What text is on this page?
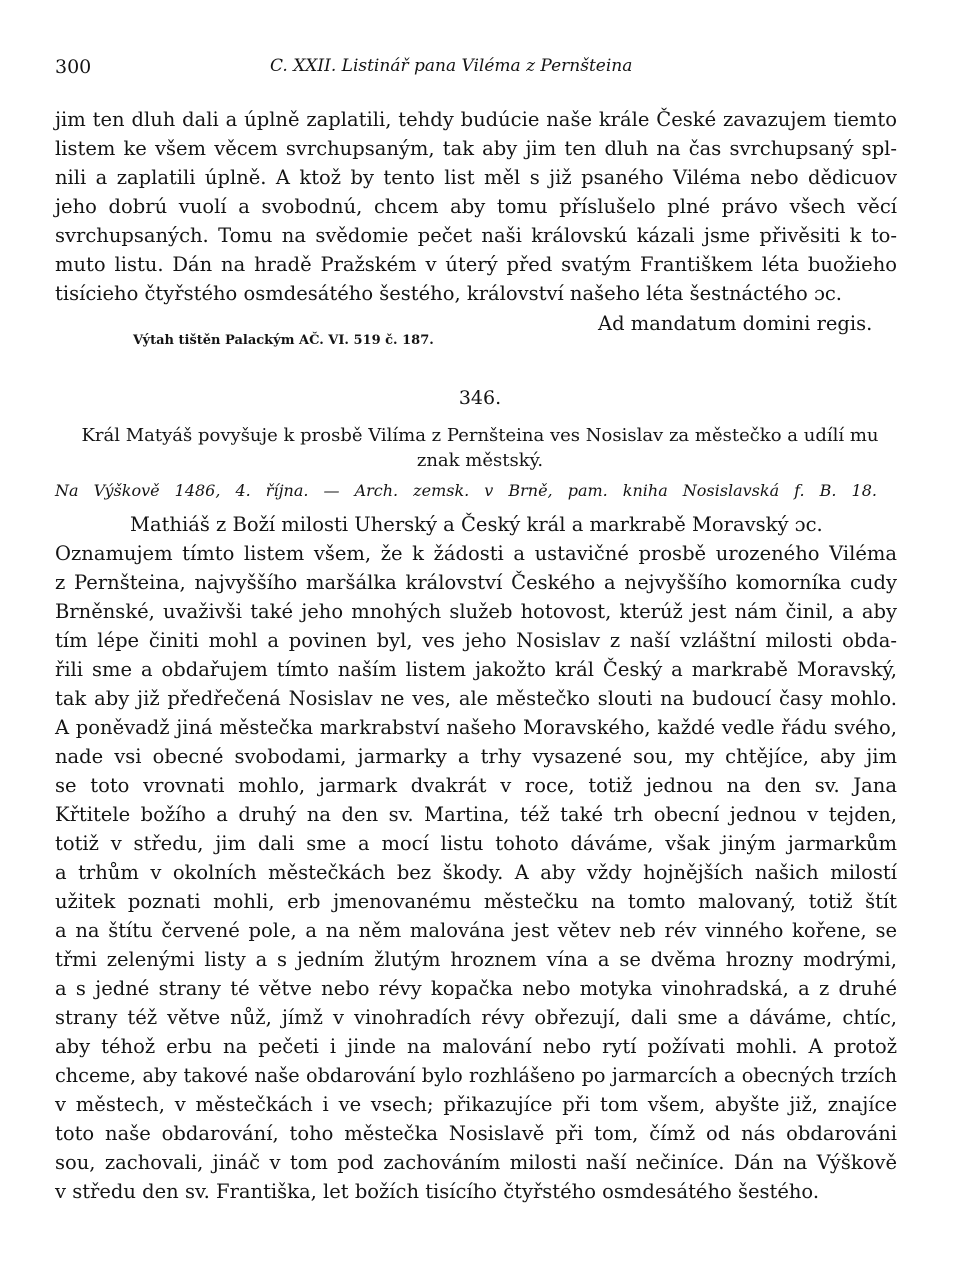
300	C. XXII. Listinář pana Viléma z Pernšteina
jim ten dluh dali a úplně zaplatili, tehdy budúcie naše krále České zavazujem tiemto
listem ke všem věcem svrchupsaným, tak aby jim ten dluh na čas svrchupsaný spl-
nili a zaplatili úplně. A ktož by tento list měl s již psaného Viléma nebo dědicuov
jeho dobrú vuolí a svobodnú, chcem aby tomu příslušelo plné právo všech věcí
svrchupsaných. Tomu na svědomie pečet naši královskú kázali jsme přivěsiti k to-
muto listu. Dán na hradě Pražském v úterý před svatým Františkem léta buožieho
tisícieho čtyřstého osmdesátého šestého, království našeho léta šestnáctého ɔc.
Ad mandatum domini regis.
Výtah tištěn Palackým AČ. VI. 519 č. 187.
346.
Král Matyáš povyšuje k prosbě Vilíma z Pernšteina ves Nosislav za městečko a udílí mu
znak městský.
Na Výškově 1486, 4. října. — Arch. zemsk. v Brně, pam. kniha Nosislavská f. B. 18.
Mathiáš z Boží milosti Uherský a Český král a markrabě Moravský ɔc.
Oznamujem tímto listem všem, že k žádosti a ustavičné prosbě urozeného Viléma
z Pernšteina, najvyššího maršálka království Českého a nejvyššího komorníka cudy
Brněnské, uvaživši také jeho mnohých služeb hotovost, kterúž jest nám činil, a aby
tím lépe činiti mohl a povinen byl, ves jeho Nosislav z naší vzláštní milosti obda-
řili sme a obdařujem tímto naším listem jakožto král Český a markrabě Moravský,
tak aby již předřečená Nosislav ne ves, ale městečko slouti na budoucí časy mohlo.
A poněvadž jiná městečka markrabství našeho Moravského, každé vedle řádu svého,
nade vsi obecné svobodami, jarmarky a trhy vysazené sou, my chtějíce, aby jim
se toto vrovnati mohlo, jarmark dvakrát v roce, totiž jednou na den sv. Jana
Křtitele božího a druhý na den sv. Martina, též také trh obecní jednou v tejden,
totiž v středu, jim dali sme a mocí listu tohoto dáváme, však jiným jarmarkům
a trhům v okolních městečkách bez škody. A aby vždy hojnějších našich milostí
užitek poznati mohli, erb jmenovanému městečku na tomto malovaný, totiž štít
a na štítu červené pole, a na něm malována jest větev neb rév vinného kořene, se
třmi zelenými listy a s jedním žlutým hroznem vína a se dvěma hrozny modrými,
a s jedné strany té větve nebo révy kopačka nebo motyka vinohradská, a z druhé
strany též větve nůž, jímž v vinohradích révy obřezují, dali sme a dáváme, chtíc,
aby téhož erbu na pečeti i jinde na malování nebo rytí požívati mohli. A protož
chceme, aby takové naše obdarování bylo rozhlášeno po jarmarcích a obecných trzích
v městech, v městečkách i ve vsech; přikazujíce při tom všem, abyšte již, znajíce
toto naše obdarování, toho městečka Nosislavě při tom, čímž od nás obdarováni
sou, zachovali, jináč v tom pod zachováním milosti naší nečiníce. Dán na Výškově
v středu den sv. Františka, let božích tisícího čtyřstého osmdesátého šestého.
